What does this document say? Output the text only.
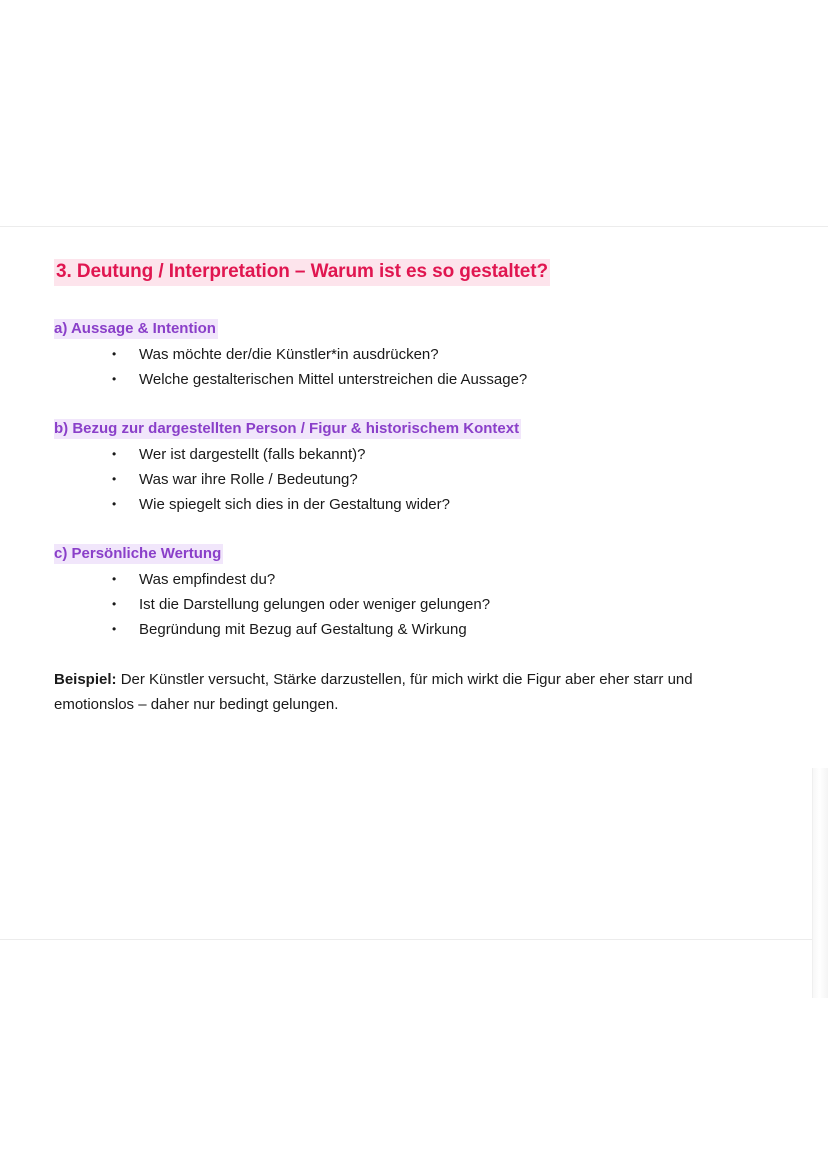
3. Deutung / Interpretation – Warum ist es so gestaltet?
a) Aussage & Intention
• Was möchte der/die Künstler*in ausdrücken?
• Welche gestalterischen Mittel unterstreichen die Aussage?
b) Bezug zur dargestellten Person / Figur & historischem Kontext
• Wer ist dargestellt (falls bekannt)?
• Was war ihre Rolle / Bedeutung?
• Wie spiegelt sich dies in der Gestaltung wider?
c) Persönliche Wertung
• Was empfindest du?
• Ist die Darstellung gelungen oder weniger gelungen?
• Begründung mit Bezug auf Gestaltung & Wirkung
Beispiel: Der Künstler versucht, Stärke darzustellen, für mich wirkt die Figur aber eher starr und emotionslos – daher nur bedingt gelungen.
